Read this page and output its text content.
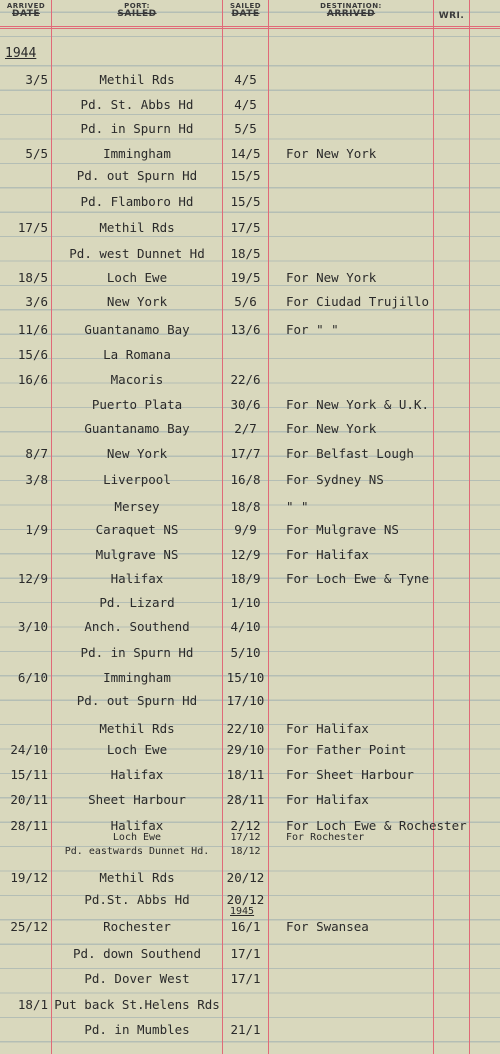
ARRIVED
DATE
PORT:
SAILED
SAILED
DATE
DESTINATION:
ARRIVED	WRI.
1944
1945
3/5	Methil Rds	4/5
Pd. St. Abbs Hd	4/5
Pd. in Spurn Hd	5/5
5/5	Immingham	14/5	For New York
Pd. out Spurn Hd	15/5
Pd. Flamboro Hd	15/5
17/5	Methil Rds	17/5
Pd. west Dunnet Hd	18/5
18/5	Loch Ewe	19/5	For New York
3/6	New York	5/6	For Ciudad Trujillo
11/6	Guantanamo Bay	13/6	For " "
15/6	La Romana
16/6	Macoris	22/6
Puerto Plata	30/6	For New York & U.K.
Guantanamo Bay	2/7	For New York
8/7	New York	17/7	For Belfast Lough
3/8	Liverpool	16/8	For Sydney NS
Mersey	18/8	" "
1/9	Caraquet NS	9/9	For Mulgrave NS
Mulgrave NS	12/9	For Halifax
12/9	Halifax	18/9	For Loch Ewe & Tyne
Pd. Lizard	1/10
3/10	Anch. Southend	4/10
Pd. in Spurn Hd	5/10
6/10	Immingham	15/10
Pd. out Spurn Hd	17/10
Methil Rds	22/10 For Halifax
24/10	Loch Ewe	29/10 For Father Point
15/11	Halifax	18/11 For Sheet Harbour
20/11	Sheet Harbour	28/11 For Halifax
28/11	Halifax	2/12	For Loch Ewe & Rochester
Loch Ewe	17/12	For Rochester
Pd. eastwards Dunnet Hd.	18/12
19/12	Methil Rds	20/12
Pd.St. Abbs Hd	20/12
25/12	Rochester	16/1	For Swansea
Pd. down Southend	17/1
Pd. Dover West	17/1
18/1 Put back St.Helens Rds
Pd. in Mumbles	21/1
